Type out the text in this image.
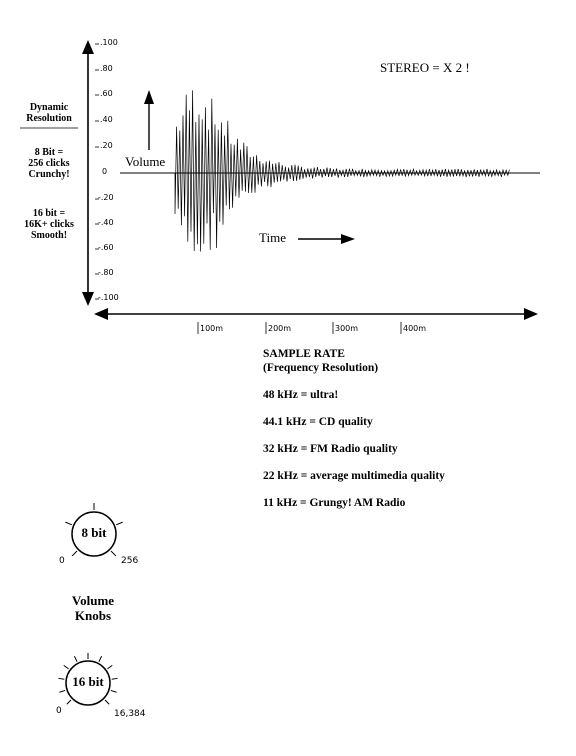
STEREO = X 2 !
Dynamic
Resolution
8 Bit =
256 clicks
Crunchy!
16 bit =
16K+ clicks
Smooth!
.100
.80
.60
.40
.20
0
-.20
-.40
-.60
-.80
-.100
100m	200m	300m	400m
Volume
Time
SAMPLE RATE
(Frequency Resolution)
48 kHz = ultra!
44.1 kHz = CD quality
32 kHz = FM Radio quality
22 kHz = average multimedia quality
11 kHz = Grungy! AM Radio
8 bit
0	256
Volume
Knobs
16 bit
0	16,384
